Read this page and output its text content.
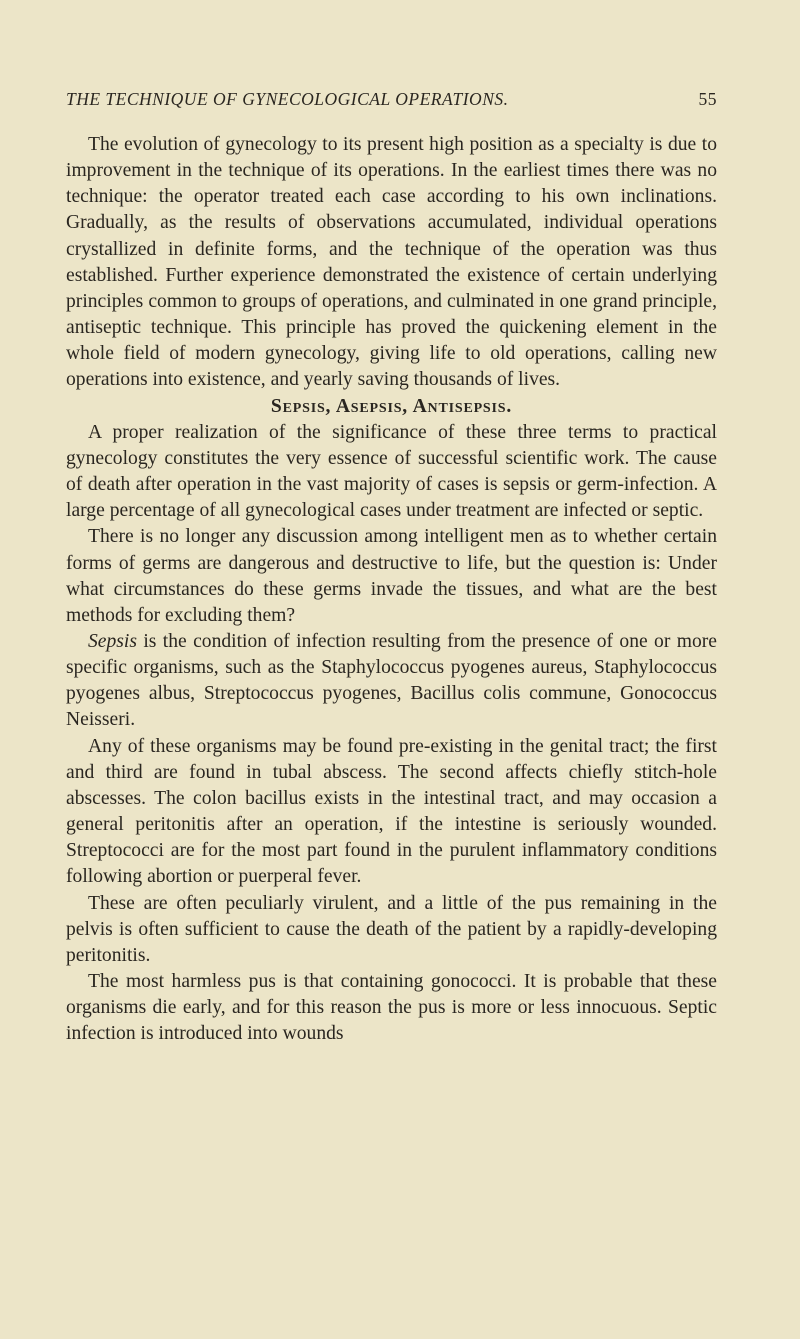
THE TECHNIQUE OF GYNECOLOGICAL OPERATIONS.	55

The evolution of gynecology to its present high position as a specialty is due to improvement in the technique of its operations. In the earliest times there was no technique: the operator treated each case according to his own inclinations. Gradually, as the results of observations accumulated, individual operations crystallized in definite forms, and the technique of the operation was thus established. Further experience demonstrated the existence of certain underlying principles common to groups of operations, and culminated in one grand principle, antiseptic technique. This principle has proved the quickening element in the whole field of modern gynecology, giving life to old operations, calling new operations into existence, and yearly saving thousands of lives.

Sepsis, Asepsis, Antisepsis.

A proper realization of the significance of these three terms to practical gynecology constitutes the very essence of successful scientific work. The cause of death after operation in the vast majority of cases is sepsis or germ-infection. A large percentage of all gynecological cases under treatment are infected or septic.

There is no longer any discussion among intelligent men as to whether certain forms of germs are dangerous and destructive to life, but the question is: Under what circumstances do these germs invade the tissues, and what are the best methods for excluding them?

Sepsis is the condition of infection resulting from the presence of one or more specific organisms, such as the Staphylococcus pyogenes aureus, Staphylococcus pyogenes albus, Streptococcus pyogenes, Bacillus colis commune, Gonococcus Neisseri.

Any of these organisms may be found pre-existing in the genital tract; the first and third are found in tubal abscess. The second affects chiefly stitch-hole abscesses. The colon bacillus exists in the intestinal tract, and may occasion a general peritonitis after an operation, if the intestine is seriously wounded. Streptococci are for the most part found in the purulent inflammatory conditions following abortion or puerperal fever.

These are often peculiarly virulent, and a little of the pus remaining in the pelvis is often sufficient to cause the death of the patient by a rapidly-developing peritonitis.

The most harmless pus is that containing gonococci. It is probable that these organisms die early, and for this reason the pus is more or less innocuous. Septic infection is introduced into wounds
